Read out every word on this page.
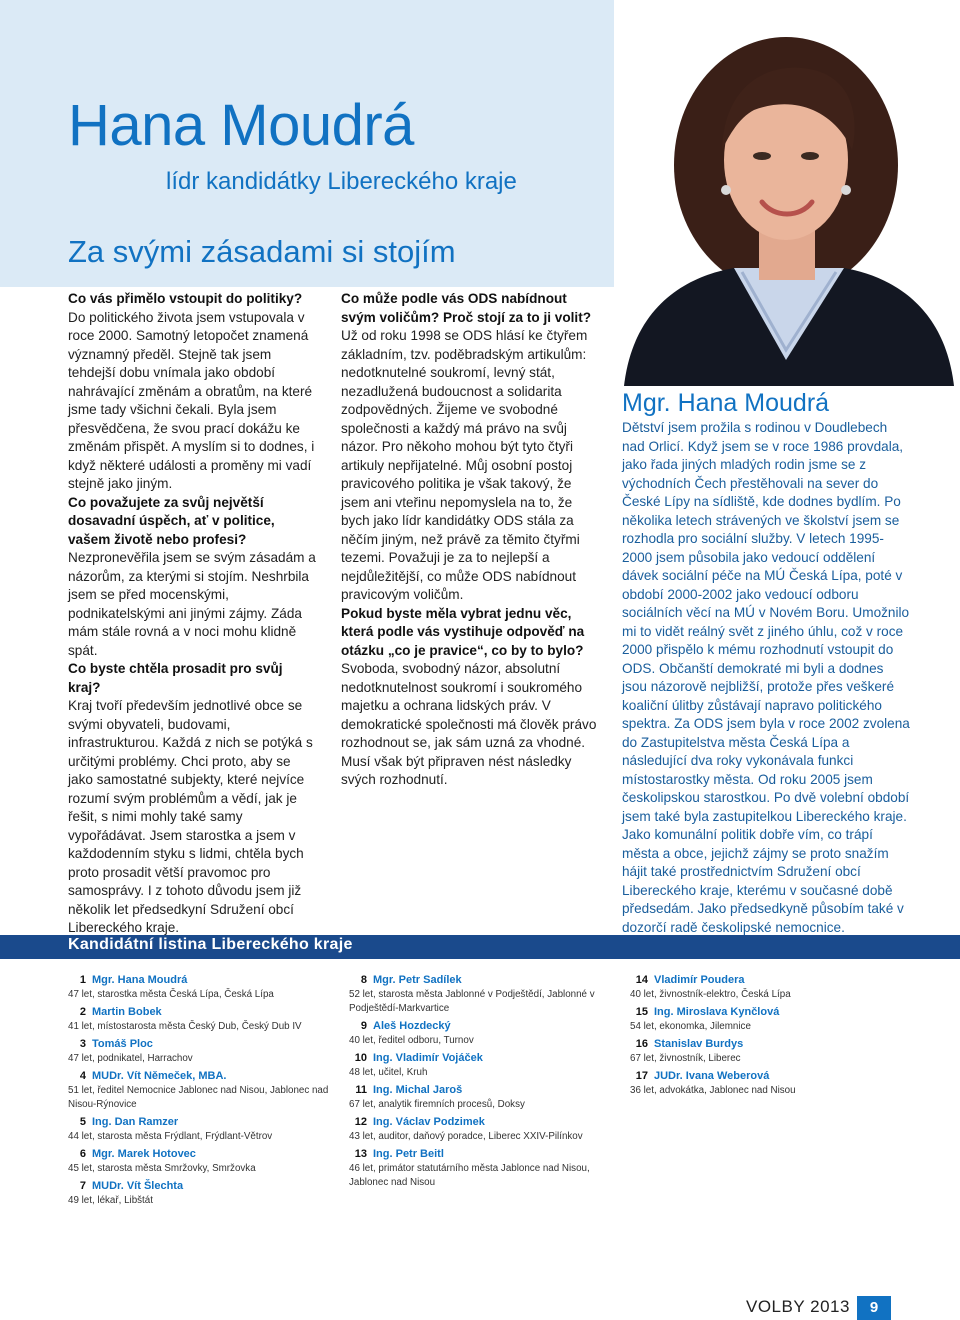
Hana Moudrá
lídr kandidátky Libereckého kraje
Za svými zásadami si stojím

Co vás přimělo vstoupit do politiky?

Do politického života jsem vstupovala v roce 2000. Samotný letopočet znamená významný předěl. Stejně tak jsem tehdejší dobu vnímala jako období nahrávající změnám a obratům, na které jsme tady všichni čekali. Byla jsem přesvědčena, že svou prací dokážu ke změnám přispět. A myslím si to dodnes, i když některé události a proměny mi vadí stejně jako jiným.

Co považujete za svůj největší dosavadní úspěch, ať v politice, vašem životě nebo profesi?

Nezpronevěřila jsem se svým zásadám a názorům, za kterými si stojím. Neshrbila jsem se před mocenskými, podnikatelskými ani jinými zájmy. Záda mám stále rovná a v noci mohu klidně spát.

Co byste chtěla prosadit pro svůj kraj?

Kraj tvoří především jednotlivé obce se svými obyvateli, budovami, infrastrukturou. Každá z nich se potýká s určitými problémy. Chci proto, aby se jako samostatné subjekty, které nejvíce rozumí svým problémům a vědí, jak je řešit, s nimi mohly také samy vypořádávat. Jsem starostka a jsem v každodenním styku s lidmi, chtěla bych proto prosadit větší pravomoc pro samosprávy. I z tohoto důvodu jsem již několik let předsedkyní Sdružení obcí Libereckého kraje.

Co může podle vás ODS nabídnout svým voličům? Proč stojí za to ji volit?

Už od roku 1998 se ODS hlásí ke čtyřem základním, tzv. poděbradským artikulům: nedotknutelné soukromí, levný stát, nezadlužená budoucnost a solidarita zodpovědných. Žijeme ve svobodné společnosti a každý má právo na svůj názor. Pro někoho mohou být tyto čtyři artikuly nepřijatelné. Můj osobní postoj pravicového politika je však takový, že jsem ani vteřinu nepomyslela na to, že bych jako lídr kandidátky ODS stála za něčím jiným, než právě za těmito čtyřmi tezemi. Považuji je za to nejlepší a nejdůležitější, co může ODS nabídnout pravicovým voličům.

Pokud byste měla vybrat jednu věc, která podle vás vystihuje odpověď na otázku „co je pravice“, co by to bylo?

Svoboda, svobodný názor, absolutní nedotknutelnost soukromí i soukromého majetku a ochrana lidských práv. V demokratické společnosti má člověk právo rozhodnout se, jak sám uzná za vhodné. Musí však být připraven nést následky svých rozhodnutí.

Mgr. Hana Moudrá

Dětství jsem prožila s rodinou v Doudlebech nad Orlicí. Když jsem se v roce 1986 provdala, jako řada jiných mladých rodin jsme se z východních Čech přestěhovali na sever do České Lípy na sídliště, kde dodnes bydlím. Po několika letech strávených ve školství jsem se rozhodla pro sociální služby. V letech 1995-2000 jsem působila jako vedoucí oddělení dávek sociální péče na MÚ Česká Lípa, poté v období 2000-2002 jako vedoucí odboru sociálních věcí na MÚ v Novém Boru. Umožnilo mi to vidět reálný svět z jiného úhlu, což v roce 2000 přispělo k mému rozhodnutí vstoupit do ODS. Občanští demokraté mi byli a dodnes jsou názorově nejbližší, protože přes veškeré koaliční úlitby zůstávají napravo politického spektra. Za ODS jsem byla v roce 2002 zvolena do Zastupitelstva města Česká Lípa a následující dva roky vykonávala funkci místostarostky města. Od roku 2005 jsem českolipskou starostkou. Po dvě volební období jsem také byla zastupitelkou Libereckého kraje. Jako komunální politik dobře vím, co trápí města a obce, jejichž zájmy se proto snažím hájit také prostřednictvím Sdružení obcí Libereckého kraje, kterému v současné době předsedám. Jako předsedkyně působím také v dozorčí radě českolipské nemocnice.

Kandidátní listina Libereckého kraje
1 Mgr. Hana Moudrá
47 let, starostka města Česká Lípa, Česká Lípa
2 Martin Bobek
41 let, místostarosta města Český Dub, Český Dub IV
3 Tomáš Ploc
47 let, podnikatel, Harrachov
4 MUDr. Vít Němeček, MBA.
51 let, ředitel Nemocnice Jablonec nad Nisou, Jablonec nad Nisou-Rýnovice
5 Ing. Dan Ramzer
44 let, starosta města Frýdlant, Frýdlant-Větrov
6 Mgr. Marek Hotovec
45 let, starosta města Smržovky, Smržovka
7 MUDr. Vít Šlechta
49 let, lékař, Libštát
8 Mgr. Petr Sadílek
52 let, starosta města Jablonné v Podještědí, Jablonné v Podještědí-Markvartice
9 Aleš Hozdecký
40 let, ředitel odboru, Turnov
10 Ing. Vladimír Vojáček
48 let, učitel, Kruh
11 Ing. Michal Jaroš
67 let, analytik firemních procesů, Doksy
12 Ing. Václav Podzimek
43 let, auditor, daňový poradce, Liberec XXIV-Pilínkov
13 Ing. Petr Beitl
46 let, primátor statutárního města Jablonce nad Nisou, Jablonec nad Nisou
14 Vladimír Poudera
40 let, živnostník-elektro, Česká Lípa
15 Ing. Miroslava Kynčlová
54 let, ekonomka, Jilemnice
16 Stanislav Burdys
67 let, živnostník, Liberec
17 JUDr. Ivana Weberová
36 let, advokátka, Jablonec nad Nisou
VOLBY 2013	9
